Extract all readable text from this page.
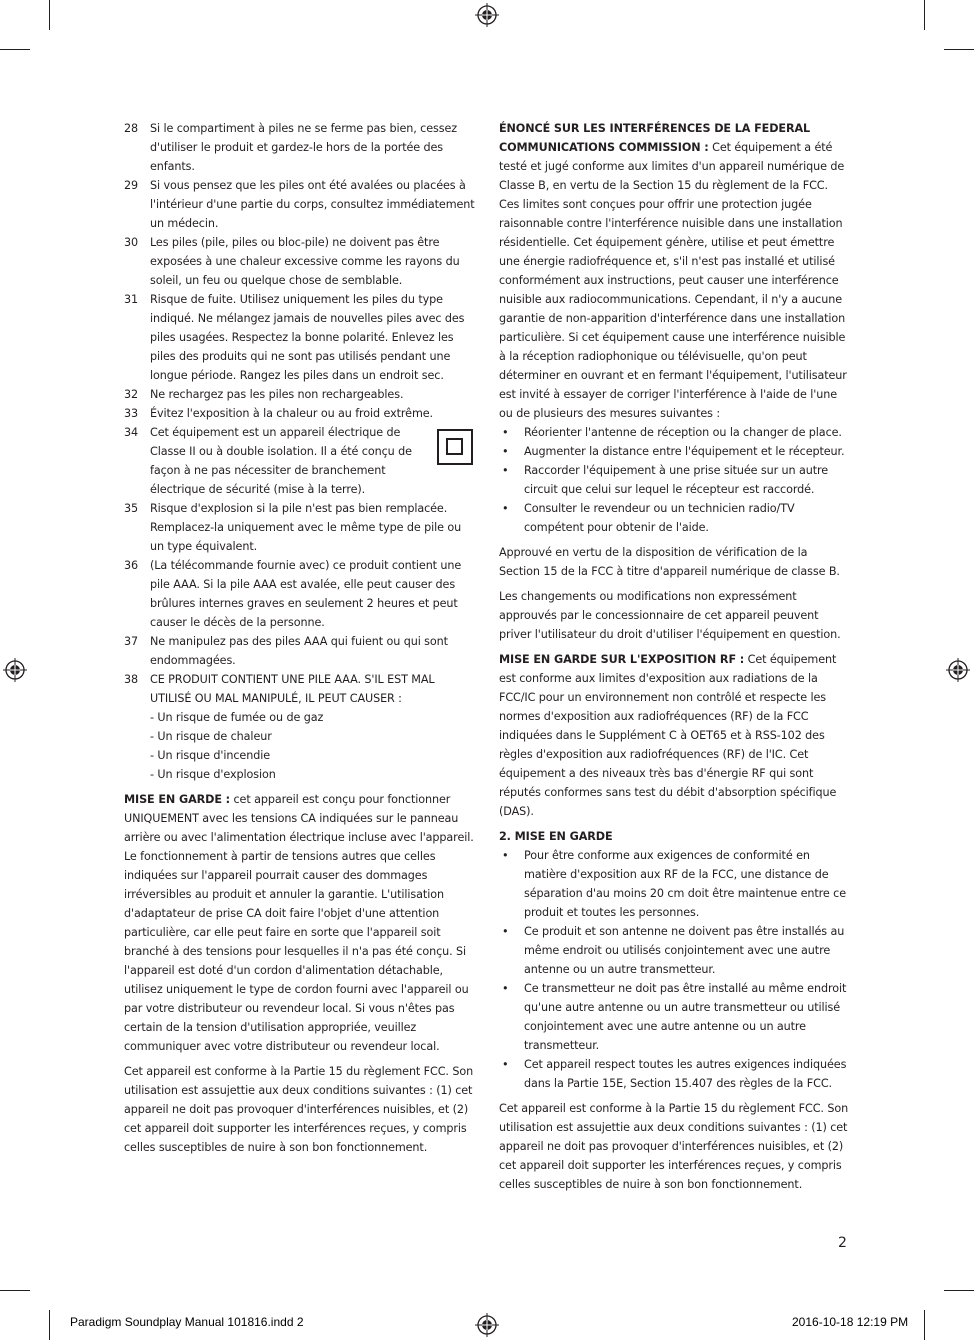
28	Si le compartiment à piles ne se ferme pas bien, cessez d'utiliser le produit et gardez-le hors de la portée des enfants.
29	Si vous pensez que les piles ont été avalées ou placées à l'intérieur d'une partie du corps, consultez immédiatement un médecin.
30	Les piles (pile, piles ou bloc-pile) ne doivent pas être exposées à une chaleur excessive comme les rayons du soleil, un feu ou quelque chose de semblable.
31	Risque de fuite. Utilisez uniquement les piles du type indiqué. Ne mélangez jamais de nouvelles piles avec des piles usagées. Respectez la bonne polarité. Enlevez les piles des produits qui ne sont pas utilisés pendant une longue période. Rangez les piles dans un endroit sec.
32	Ne rechargez pas les piles non rechargeables.
33	Évitez l'exposition à la chaleur ou au froid extrême.
34	Cet équipement est un appareil électrique de Classe II ou à double isolation. Il a été conçu de façon à ne pas nécessiter de branchement électrique de sécurité (mise à la terre).
35	Risque d'explosion si la pile n'est pas bien remplacée. Remplacez-la uniquement avec le même type de pile ou un type équivalent.
36	(La télécommande fournie avec) ce produit contient une pile AAA. Si la pile AAA est avalée, elle peut causer des brûlures internes graves en seulement 2 heures et peut causer le décès de la personne.
37	Ne manipulez pas des piles AAA qui fuient ou qui sont endommagées.
38	CE PRODUIT CONTIENT UNE PILE AAA. S'IL EST MAL UTILISÉ OU MAL MANIPULÉ, IL PEUT CAUSER :
- Un risque de fumée ou de gaz
- Un risque de chaleur
- Un risque d'incendie
- Un risque d'explosion
MISE EN GARDE : cet appareil est conçu pour fonctionner UNIQUEMENT avec les tensions CA indiquées sur le panneau arrière ou avec l'alimentation électrique incluse avec l'appareil. Le fonctionnement à partir de tensions autres que celles indiquées sur l'appareil pourrait causer des dommages irréversibles au produit et annuler la garantie. L'utilisation d'adaptateur de prise CA doit faire l'objet d'une attention particulière, car elle peut faire en sorte que l'appareil soit branché à des tensions pour lesquelles il n'a pas été conçu. Si l'appareil est doté d'un cordon d'alimentation détachable, utilisez uniquement le type de cordon fourni avec l'appareil ou par votre distributeur ou revendeur local. Si vous n'êtes pas certain de la tension d'utilisation appropriée, veuillez communiquer avec votre distributeur ou revendeur local.
Cet appareil est conforme à la Partie 15 du règlement FCC. Son utilisation est assujettie aux deux conditions suivantes : (1) cet appareil ne doit pas provoquer d'interférences nuisibles, et (2) cet appareil doit supporter les interférences reçues, y compris celles susceptibles de nuire à son bon fonctionnement.
ÉNONCÉ SUR LES INTERFÉRENCES DE LA FEDERAL COMMUNICATIONS COMMISSION : Cet équipement a été testé et jugé conforme aux limites d'un appareil numérique de Classe B, en vertu de la Section 15 du règlement de la FCC. Ces limites sont conçues pour offrir une protection jugée raisonnable contre l'interférence nuisible dans une installation résidentielle. Cet équipement génère, utilise et peut émettre une énergie radiofréquence et, s'il n'est pas installé et utilisé conformément aux instructions, peut causer une interférence nuisible aux radiocommunications. Cependant, il n'y a aucune garantie de non-apparition d'interférence dans une installation particulière. Si cet équipement cause une interférence nuisible à la réception radiophonique ou télévisuelle, qu'on peut déterminer en ouvrant et en fermant l'équipement, l'utilisateur est invité à essayer de corriger l'interférence à l'aide de l'une ou de plusieurs des mesures suivantes :
•	Réorienter l'antenne de réception ou la changer de place.
•	Augmenter la distance entre l'équipement et le récepteur.
•	Raccorder l'équipement à une prise située sur un autre circuit que celui sur lequel le récepteur est raccordé.
•	Consulter le revendeur ou un technicien radio/TV compétent pour obtenir de l'aide.
Approuvé en vertu de la disposition de vérification de la Section 15 de la FCC à titre d'appareil numérique de classe B.
Les changements ou modifications non expressément approuvés par le concessionnaire de cet appareil peuvent priver l'utilisateur du droit d'utiliser l'équipement en question.
MISE EN GARDE SUR L'EXPOSITION RF : Cet équipement est conforme aux limites d'exposition aux radiations de la FCC/IC pour un environnement non contrôlé et respecte les normes d'exposition aux radiofréquences (RF) de la FCC indiquées dans le Supplément C à OET65 et à RSS-102 des règles d'exposition aux radiofréquences (RF) de l'IC. Cet équipement a des niveaux très bas d'énergie RF qui sont réputés conformes sans test du débit d'absorption spécifique (DAS).
2. MISE EN GARDE
•	Pour être conforme aux exigences de conformité en matière d'exposition aux RF de la FCC, une distance de séparation d'au moins 20 cm doit être maintenue entre ce produit et toutes les personnes.
•	Ce produit et son antenne ne doivent pas être installés au même endroit ou utilisés conjointement avec une autre antenne ou un autre transmetteur.
•	Ce transmetteur ne doit pas être installé au même endroit qu'une autre antenne ou un autre transmetteur ou utilisé conjointement avec une autre antenne ou un autre transmetteur.
•	Cet appareil respect toutes les autres exigences indiquées dans la Partie 15E, Section 15.407 des règles de la FCC.
Cet appareil est conforme à la Partie 15 du règlement FCC. Son utilisation est assujettie aux deux conditions suivantes : (1) cet appareil ne doit pas provoquer d'interférences nuisibles, et (2) cet appareil doit supporter les interférences reçues, y compris celles susceptibles de nuire à son bon fonctionnement.
2
Paradigm Soundplay Manual 101816.indd 2	2016-10-18 12:19 PM
